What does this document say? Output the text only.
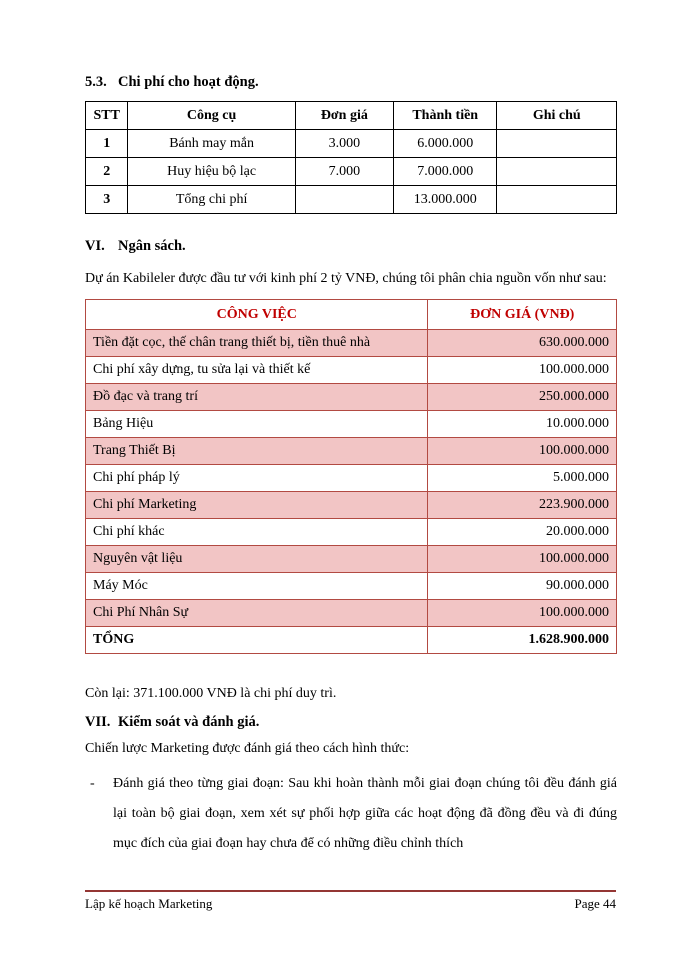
5.3. Chi phí cho hoạt động.
STT	Công cụ	Đơn giá	Thành tiền	Ghi chú
1	Bánh may mắn	3.000	6.000.000	
2	Huy hiệu bộ lạc	7.000	7.000.000	
3	Tổng chi phí		13.000.000	
VI. Ngân sách.

Dự án Kabileler được đầu tư với kinh phí 2 tỷ VNĐ, chúng tôi phân chia nguồn vốn như sau:

CÔNG VIỆC	ĐƠN GIÁ (VNĐ)
Tiền đặt cọc, thế chân trang thiết bị, tiền thuê nhà	630.000.000
Chi phí xây dựng, tu sửa lại và thiết kế	100.000.000
Đồ đạc và trang trí	250.000.000
Bảng Hiệu	10.000.000
Trang Thiết Bị	100.000.000
Chi phí pháp lý	5.000.000
Chi phí Marketing	223.900.000
Chi phí khác	20.000.000
Nguyên vật liệu	100.000.000
Máy Móc	90.000.000
Chi Phí Nhân Sự	100.000.000
TỔNG	1.628.900.000

Còn lại: 371.100.000 VNĐ là chi phí duy trì.

VII. Kiểm soát và đánh giá.

Chiến lược Marketing được đánh giá theo cách hình thức:

-	Đánh giá theo từng giai đoạn: Sau khi hoàn thành mỗi giai đoạn chúng tôi đều đánh giá lại toàn bộ giai đoạn, xem xét sự phối hợp giữa các hoạt động đã đồng đều và đi đúng mục đích của giai đoạn hay chưa để có những điều chỉnh thích
Lập kế hoạch Marketing	Page 44
